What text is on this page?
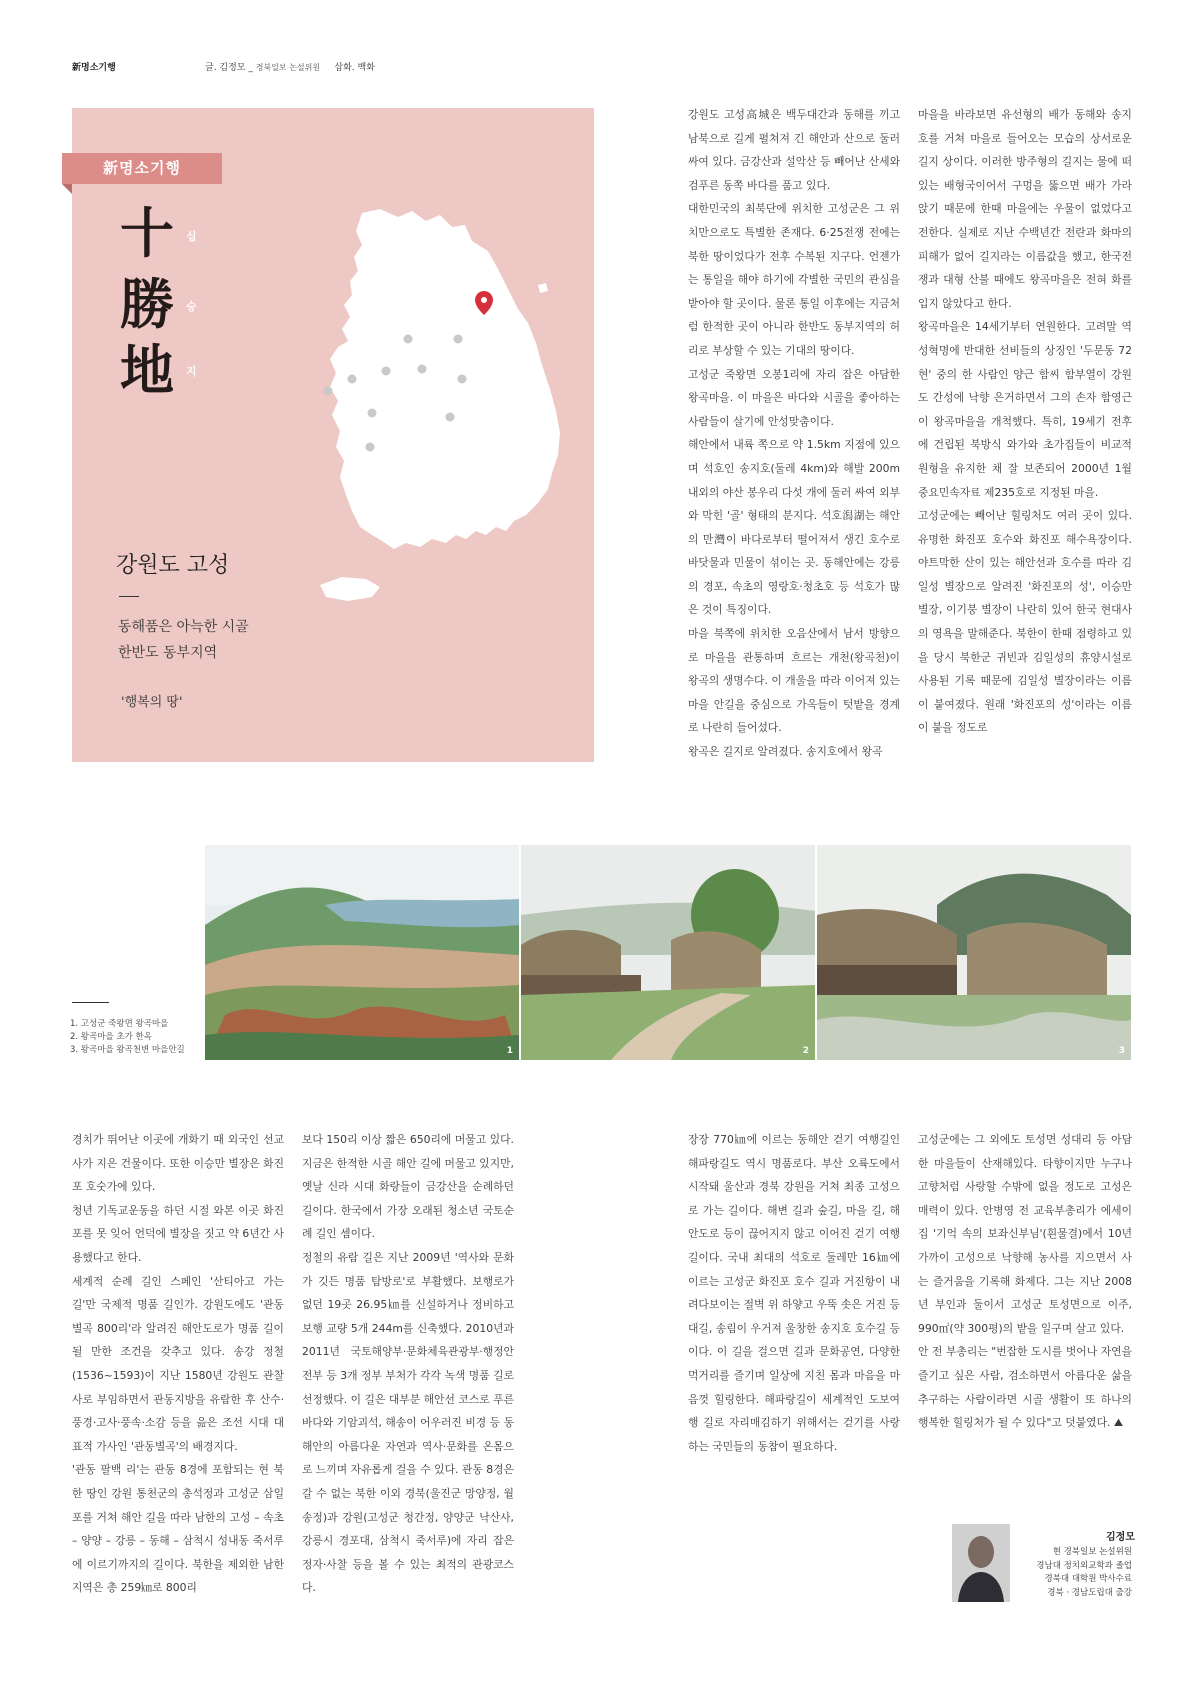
新명소기행	글. 김정모 _ 경북일보 논설위원 삽화. 백화
新명소기행
十 십
勝 승
地 지
강원도 고성
동해품은 아늑한 시골
한반도 동부지역
'행복의 땅'

강원도 고성高城은 백두대간과 동해를 끼고 남북으로 길게 펼쳐져 긴 해안과 산으로 둘러싸여 있다. 금강산과 설악산 등 빼어난 산세와 검푸른 동쪽 바다를 품고 있다.

대한민국의 최북단에 위치한 고성군은 그 위치만으로도 특별한 존재다. 6·25전쟁 전에는 북한 땅이었다가 전후 수복된 지구다. 언젠가는 통일을 해야 하기에 각별한 국민의 관심을 받아야 할 곳이다. 물론 통일 이후에는 지금처럼 한적한 곳이 아니라 한반도 동부지역의 허리로 부상할 수 있는 기대의 땅이다.

고성군 죽왕면 오봉1리에 자리 잡은 아담한 왕곡마을. 이 마을은 바다와 시골을 좋아하는 사람들이 살기에 안성맞춤이다.

해안에서 내륙 쪽으로 약 1.5km 지점에 있으며 석호인 송지호(둘레 4km)와 해발 200m 내외의 야산 봉우리 다섯 개에 둘러 싸여 외부와 막힌 '골' 형태의 분지다. 석호潟湖는 해안의 만灣이 바다로부터 떨어져서 생긴 호수로 바닷물과 민물이 섞이는 곳. 동해안에는 강릉의 경포, 속초의 영랑호·청초호 등 석호가 많은 것이 특징이다.

마을 북쪽에 위치한 오음산에서 남서 방향으로 마을을 관통하며 흐르는 개천(왕곡천)이 왕곡의 생명수다. 이 개울을 따라 이어져 있는 마을 안길을 중심으로 가옥들이 텃밭을 경계로 나란히 들어섰다.

왕곡은 길지로 알려졌다. 송지호에서 왕곡

마을을 바라보면 유선형의 배가 동해와 송지호를 거쳐 마을로 들어오는 모습의 상서로운 길지 상이다. 이러한 방주형의 길지는 물에 떠 있는 배형국이어서 구멍을 뚫으면 배가 가라앉기 때문에 한때 마을에는 우물이 없었다고 전한다. 실제로 지난 수백년간 전란과 화마의 피해가 없어 길지라는 이름값을 했고, 한국전쟁과 대형 산불 때에도 왕곡마을은 전혀 화를 입지 않았다고 한다.

왕곡마을은 14세기부터 연원한다. 고려말 역성혁명에 반대한 선비들의 상징인 '두문동 72현' 중의 한 사람인 양근 함씨 함부열이 강원도 간성에 낙향 은거하면서 그의 손자 함영근이 왕곡마을을 개척했다. 특히, 19세기 전후에 건립된 북방식 와가와 초가집들이 비교적 원형을 유지한 채 잘 보존되어 2000년 1월 중요민속자료 제235호로 지정된 마을.

고성군에는 빼어난 힐링처도 여러 곳이 있다. 유명한 화진포 호수와 화진포 해수욕장이다. 야트막한 산이 있는 해안선과 호수를 따라 김일성 별장으로 알려진 '화진포의 성', 이승만 별장, 이기붕 별장이 나란히 있어 한국 현대사의 영욕을 말해준다. 북한이 한때 점령하고 있을 당시 북한군 귀빈과 김일성의 휴양시설로 사용된 기록 때문에 김일성 별장이라는 이름이 붙여졌다. 원래 '화진포의 성'이라는 이름이 붙을 정도로

1	2	3
1. 고성군 죽왕면 왕곡마을
2. 왕곡마을 초가 한옥
3. 왕곡마을 왕곡천변 마을안길

경치가 뛰어난 이곳에 개화기 때 외국인 선교사가 지은 건물이다. 또한 이승만 별장은 화진포 호숫가에 있다.

청년 기독교운동을 하던 시절 와본 이곳 화진포를 못 잊어 언덕에 별장을 짓고 약 6년간 사용했다고 한다.

세계적 순례 길인 스페인 '산티아고 가는 길'만 국제적 명품 길인가. 강원도에도 '관동별곡 800리'라 알려진 해안도로가 명품 길이 될 만한 조건을 갖추고 있다. 송강 정철(1536~1593)이 지난 1580년 강원도 관찰사로 부임하면서 관동지방을 유람한 후 산수·풍경·고사·풍속·소감 등을 읊은 조선 시대 대표적 가사인 '관동별곡'의 배경지다.

'관동 팔백 리'는 관동 8경에 포함되는 현 북한 땅인 강원 통천군의 총석정과 고성군 삼일포를 거쳐 해안 길을 따라 남한의 고성 – 속초 – 양양 – 강릉 – 동해 – 삼척시 성내동 죽서루에 이르기까지의 길이다. 북한을 제외한 남한 지역은 총 259㎞로 800리

보다 150리 이상 짧은 650리에 머물고 있다. 지금은 한적한 시골 해안 길에 머물고 있지만, 옛날 신라 시대 화랑들이 금강산을 순례하던 길이다. 한국에서 가장 오래된 청소년 국토순례 길인 셈이다.

정철의 유람 길은 지난 2009년 '역사와 문화가 깃든 명품 탐방로'로 부활했다. 보행로가 없던 19곳 26.95㎞를 신설하거나 정비하고 보행 교량 5개 244m를 신축했다. 2010년과 2011년 국토해양부·문화체육관광부·행정안전부 등 3개 정부 부처가 각각 녹색 명품 길로 선정했다. 이 길은 대부분 해안선 코스로 푸른 바다와 기암괴석, 해송이 어우러진 비경 등 동해안의 아름다운 자연과 역사·문화를 온몸으로 느끼며 자유롭게 걸을 수 있다. 관동 8경은 갈 수 없는 북한 이외 경북(울진군 망양정, 월송정)과 강원(고성군 청간정, 양양군 낙산사, 강릉시 경포대, 삼척시 죽서루)에 자리 잡은 정자·사찰 등을 볼 수 있는 최적의 관광코스다.

장장 770㎞에 이르는 동해안 걷기 여행길인 해파랑길도 역시 명품로다. 부산 오륙도에서 시작돼 울산과 경북 강원을 거쳐 최종 고성으로 가는 길이다. 해변 길과 숲길, 마을 길, 해안도로 등이 끊어지지 않고 이어진 걷기 여행길이다. 국내 최대의 석호로 둘레만 16㎞에 이르는 고성군 화진포 호수 길과 거진항이 내려다보이는 절벽 위 하얗고 우뚝 솟은 거진 등대길, 송림이 우거져 울창한 송지호 호수길 등이다. 이 길을 걸으면 길과 문화공연, 다양한 먹거리를 즐기며 일상에 지친 몸과 마음을 마음껏 힐링한다. 해파랑길이 세계적인 도보여행 길로 자리매김하기 위해서는 걷기를 사랑하는 국민들의 동참이 필요하다.

고성군에는 그 외에도 토성면 성대리 등 아담한 마을들이 산재해있다. 타향이지만 누구나 고향처럼 사랑할 수밖에 없을 정도로 고성은 매력이 있다. 안병영 전 교육부총리가 에세이집 '기억 속의 보좌신부님'(흰물결)에서 10년 가까이 고성으로 낙향해 농사를 지으면서 사는 즐거움을 기록해 화제다. 그는 지난 2008년 부인과 둘이서 고성군 토성면으로 이주, 990㎡(약 300평)의 밭을 일구며 살고 있다.

안 전 부총리는 "번잡한 도시를 벗어나 자연을 즐기고 싶은 사람, 검소하면서 아름다운 삶을 추구하는 사람이라면 시골 생활이 또 하나의 행복한 힐링처가 될 수 있다"고 덧붙였다. ⛰

김정모
현 경북일보 논설위원
경남대 정치외교학과 졸업
경북대 대학원 박사수료
경북 · 경남도립대 출강
